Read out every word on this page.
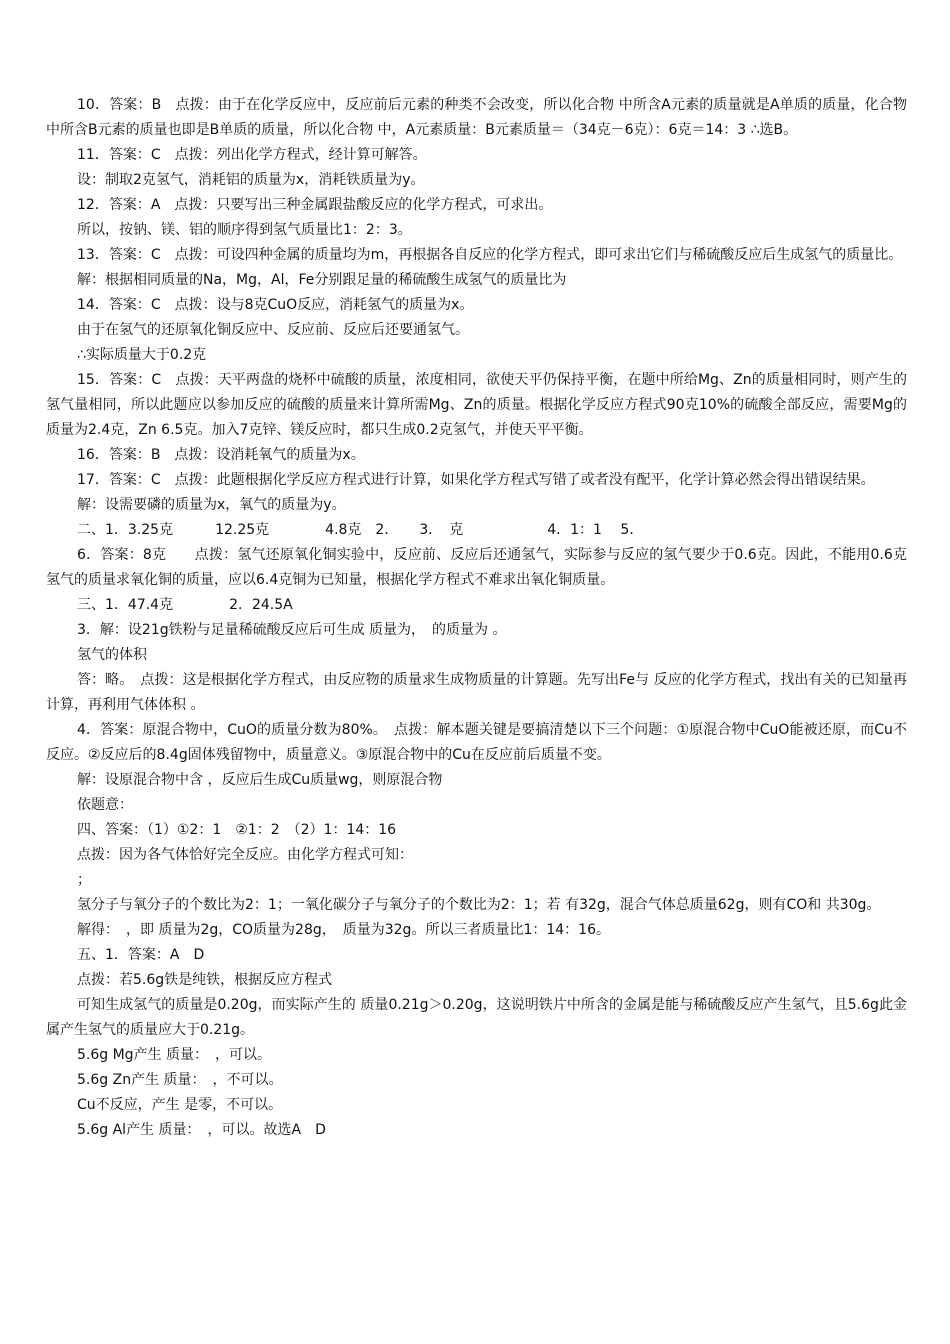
10．答案：B　点拨：由于在化学反应中，反应前后元素的种类不会改变，所以化合物 中所含A元素的质量就是A单质的质量，化合物 中所含B元素的质量也即是B单质的质量，所以化合物 中，A元素质量：B元素质量＝（34克－6克）：6克＝14：3 ∴选B。

11．答案：C　点拨：列出化学方程式，经计算可解答。

设：制取2克氢气，消耗铝的质量为x，消耗铁质量为y。

12．答案：A　点拨：只要写出三种金属跟盐酸反应的化学方程式，可求出。

所以，按钠、镁、铝的顺序得到氢气质量比1：2：3。

13．答案：C　点拨：可设四种金属的质量均为m，再根据各自反应的化学方程式，即可求出它们与稀硫酸反应后生成氢气的质量比。

解：根据相同质量的Na，Mg，Al，Fe分别跟足量的稀硫酸生成氢气的质量比为

14．答案：C　点拨：设与8克CuO反应，消耗氢气的质量为x。

由于在氢气的还原氧化铜反应中、反应前、反应后还要通氢气。

∴实际质量大于0.2克

15．答案：C　点拨：天平两盘的烧杯中硫酸的质量，浓度相同，欲使天平仍保持平衡，在题中所给Mg、Zn的质量相同时，则产生的氢气量相同，所以此题应以参加反应的硫酸的质量来计算所需Mg、Zn的质量。根据化学反应方程式90克10%的硫酸全部反应，需要Mg的质量为2.4克，Zn 6.5克。加入7克锌、镁反应时，都只生成0.2克氢气，并使天平平衡。

16．答案：B　点拨：设消耗氧气的质量为x。

17．答案：C　点拨：此题根据化学反应方程式进行计算，如果化学方程式写错了或者没有配平，化学计算必然会得出错误结果。

解：设需要磷的质量为x，氧气的质量为y。

二、1．3.25克　　　12.25克　　　　4.8克　2．　　3．　克　　　　　　4．1：1　 5．

6．答案：8克　　点拨：氢气还原氧化铜实验中，反应前、反应后还通氢气，实际参与反应的氢气要少于0.6克。因此，不能用0.6克氢气的质量求氧化铜的质量，应以6.4克铜为已知量，根据化学方程式不难求出氧化铜质量。

三、1．47.4克　　　　2．24.5A

3．解：设21g铁粉与足量稀硫酸反应后可生成 质量为，　的质量为 。

氢气的体积

答：略。　点拨：这是根据化学方程式，由反应物的质量求生成物质量的计算题。先写出Fe与 反应的化学方程式，找出有关的已知量再计算，再利用气体体积 。

4．答案：原混合物中，CuO的质量分数为80%。　点拨：解本题关键是要搞清楚以下三个问题：①原混合物中CuO能被还原，而Cu不反应。②反应后的8.4g固体残留物中，质量意义。③原混合物中的Cu在反应前后质量不变。

解：设原混合物中含 ，反应后生成Cu质量wg，则原混合物

依题意：

四、答案：（1）①2：1　②1：2　（2）1：14：16

点拨：因为各气体恰好完全反应。由化学方程式可知：

；

氢分子与氧分子的个数比为2：1；一氧化碳分子与氧分子的个数比为2：1；若 有32g，混合气体总质量62g，则有CO和 共30g。

解得：　，即 质量为2g，CO质量为28g，　质量为32g。所以三者质量比1：14：16。

五、1．答案：A　D

点拨：若5.6g铁是纯铁，根据反应方程式

可知生成氢气的质量是0.20g，而实际产生的 质量0.21g＞0.20g，这说明铁片中所含的金属是能与稀硫酸反应产生氢气，且5.6g此金属产生氢气的质量应大于0.21g。

5.6g Mg产生 质量：　，可以。

5.6g Zn产生 质量：　，不可以。

Cu不反应，产生 是零，不可以。

5.6g Al产生 质量：　，可以。故选A　D
